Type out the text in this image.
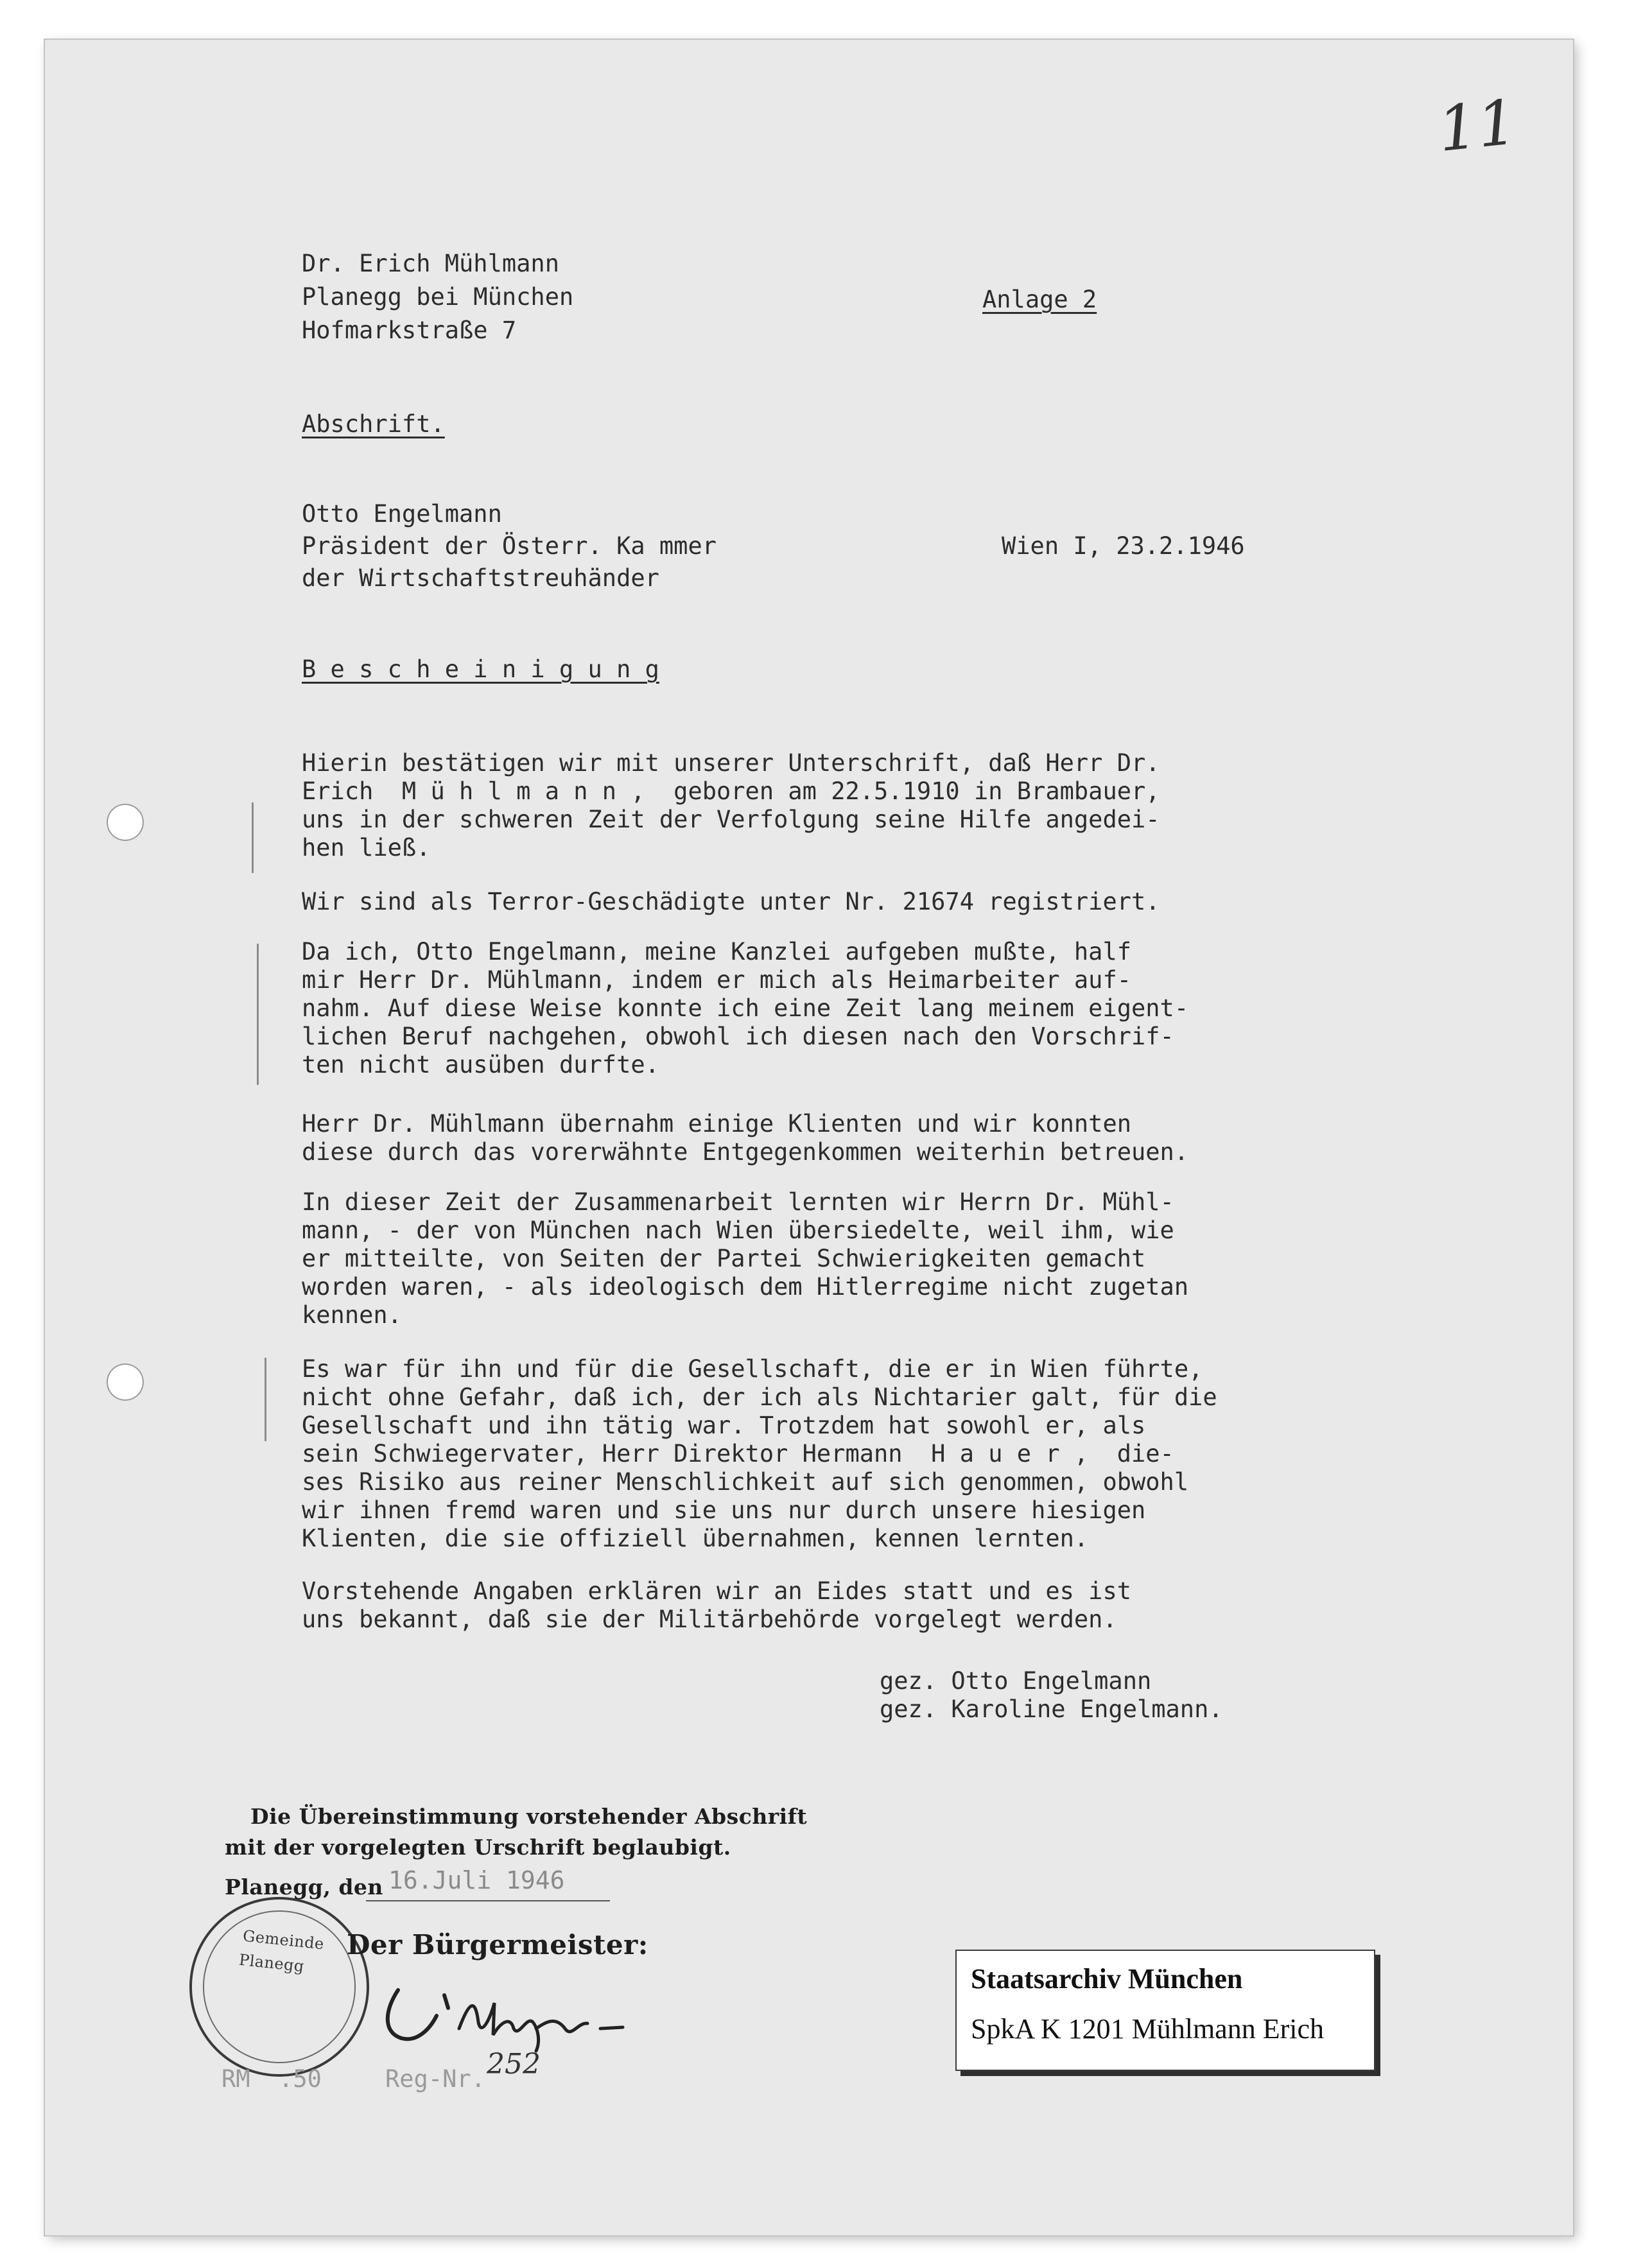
11
Dr. Erich Mühlmann
Planegg bei München
Hofmarkstraße 7
Anlage 2
Abschrift.
Otto Engelmann
Präsident der Österr. Ka mmer
der Wirtschaftstreuhänder
Wien I, 23.2.1946
B e s c h e i n i g u n g
Hierin bestätigen wir mit unserer Unterschrift, daß Herr Dr.
Erich  M ü h l m a n n ,  geboren am 22.5.1910 in Brambauer,
uns in der schweren Zeit der Verfolgung seine Hilfe angedei-
hen ließ.
Wir sind als Terror-Geschädigte unter Nr. 21674 registriert.
Da ich, Otto Engelmann, meine Kanzlei aufgeben mußte, half
mir Herr Dr. Mühlmann, indem er mich als Heimarbeiter auf-
nahm. Auf diese Weise konnte ich eine Zeit lang meinem eigent-
lichen Beruf nachgehen, obwohl ich diesen nach den Vorschrif-
ten nicht ausüben durfte.
Herr Dr. Mühlmann übernahm einige Klienten und wir konnten
diese durch das vorerwähnte Entgegenkommen weiterhin betreuen.
In dieser Zeit der Zusammenarbeit lernten wir Herrn Dr. Mühl-
mann, - der von München nach Wien übersiedelte, weil ihm, wie
er mitteilte, von Seiten der Partei Schwierigkeiten gemacht
worden waren, - als ideologisch dem Hitlerregime nicht zugetan
kennen.
Es war für ihn und für die Gesellschaft, die er in Wien führte,
nicht ohne Gefahr, daß ich, der ich als Nichtarier galt, für die
Gesellschaft und ihn tätig war. Trotzdem hat sowohl er, als
sein Schwiegervater, Herr Direktor Hermann  H a u e r ,  die-
ses Risiko aus reiner Menschlichkeit auf sich genommen, obwohl
wir ihnen fremd waren und sie uns nur durch unsere hiesigen
Klienten, die sie offiziell übernahmen, kennen lernten.
Vorstehende Angaben erklären wir an Eides statt und es ist
uns bekannt, daß sie der Militärbehörde vorgelegt werden.
gez. Otto Engelmann
gez. Karoline Engelmann.
Die Übereinstimmung vorstehender Abschrift
mit der vorgelegten Urschrift beglaubigt.
Planegg, den 16.Juli 1946
Gemeinde
Planegg
Der Bürgermeister:
RM  .50	Reg-Nr. 252
Staatsarchiv München
SpkA K 1201 Mühlmann Erich
